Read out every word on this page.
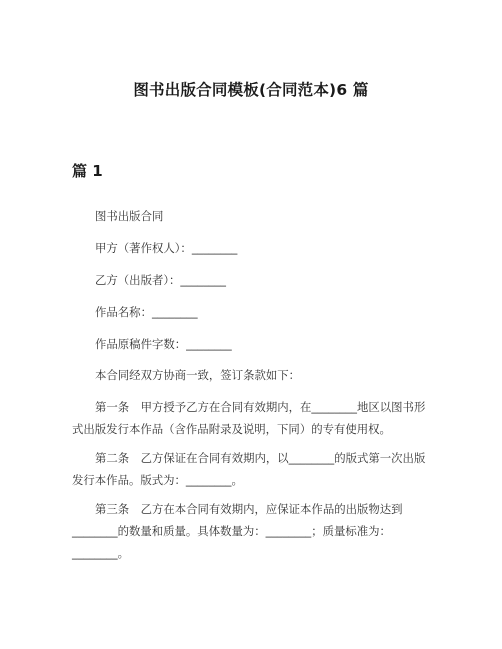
图书出版合同模板(合同范本)6 篇
篇 1
图书出版合同
甲方（著作权人）：________
乙方（出版者）：________
作品名称：________
作品原稿件字数：________
本合同经双方协商一致，签订条款如下：
第一条　甲方授予乙方在合同有效期内，在________地区以图书形式出版发行本作品（含作品附录及说明，下同）的专有使用权。
第二条　乙方保证在合同有效期内，以________的版式第一次出版发行本作品。版式为：________。
第三条　乙方在本合同有效期内，应保证本作品的出版物达到________的数量和质量。具体数量为：________；质量标准为：________。
